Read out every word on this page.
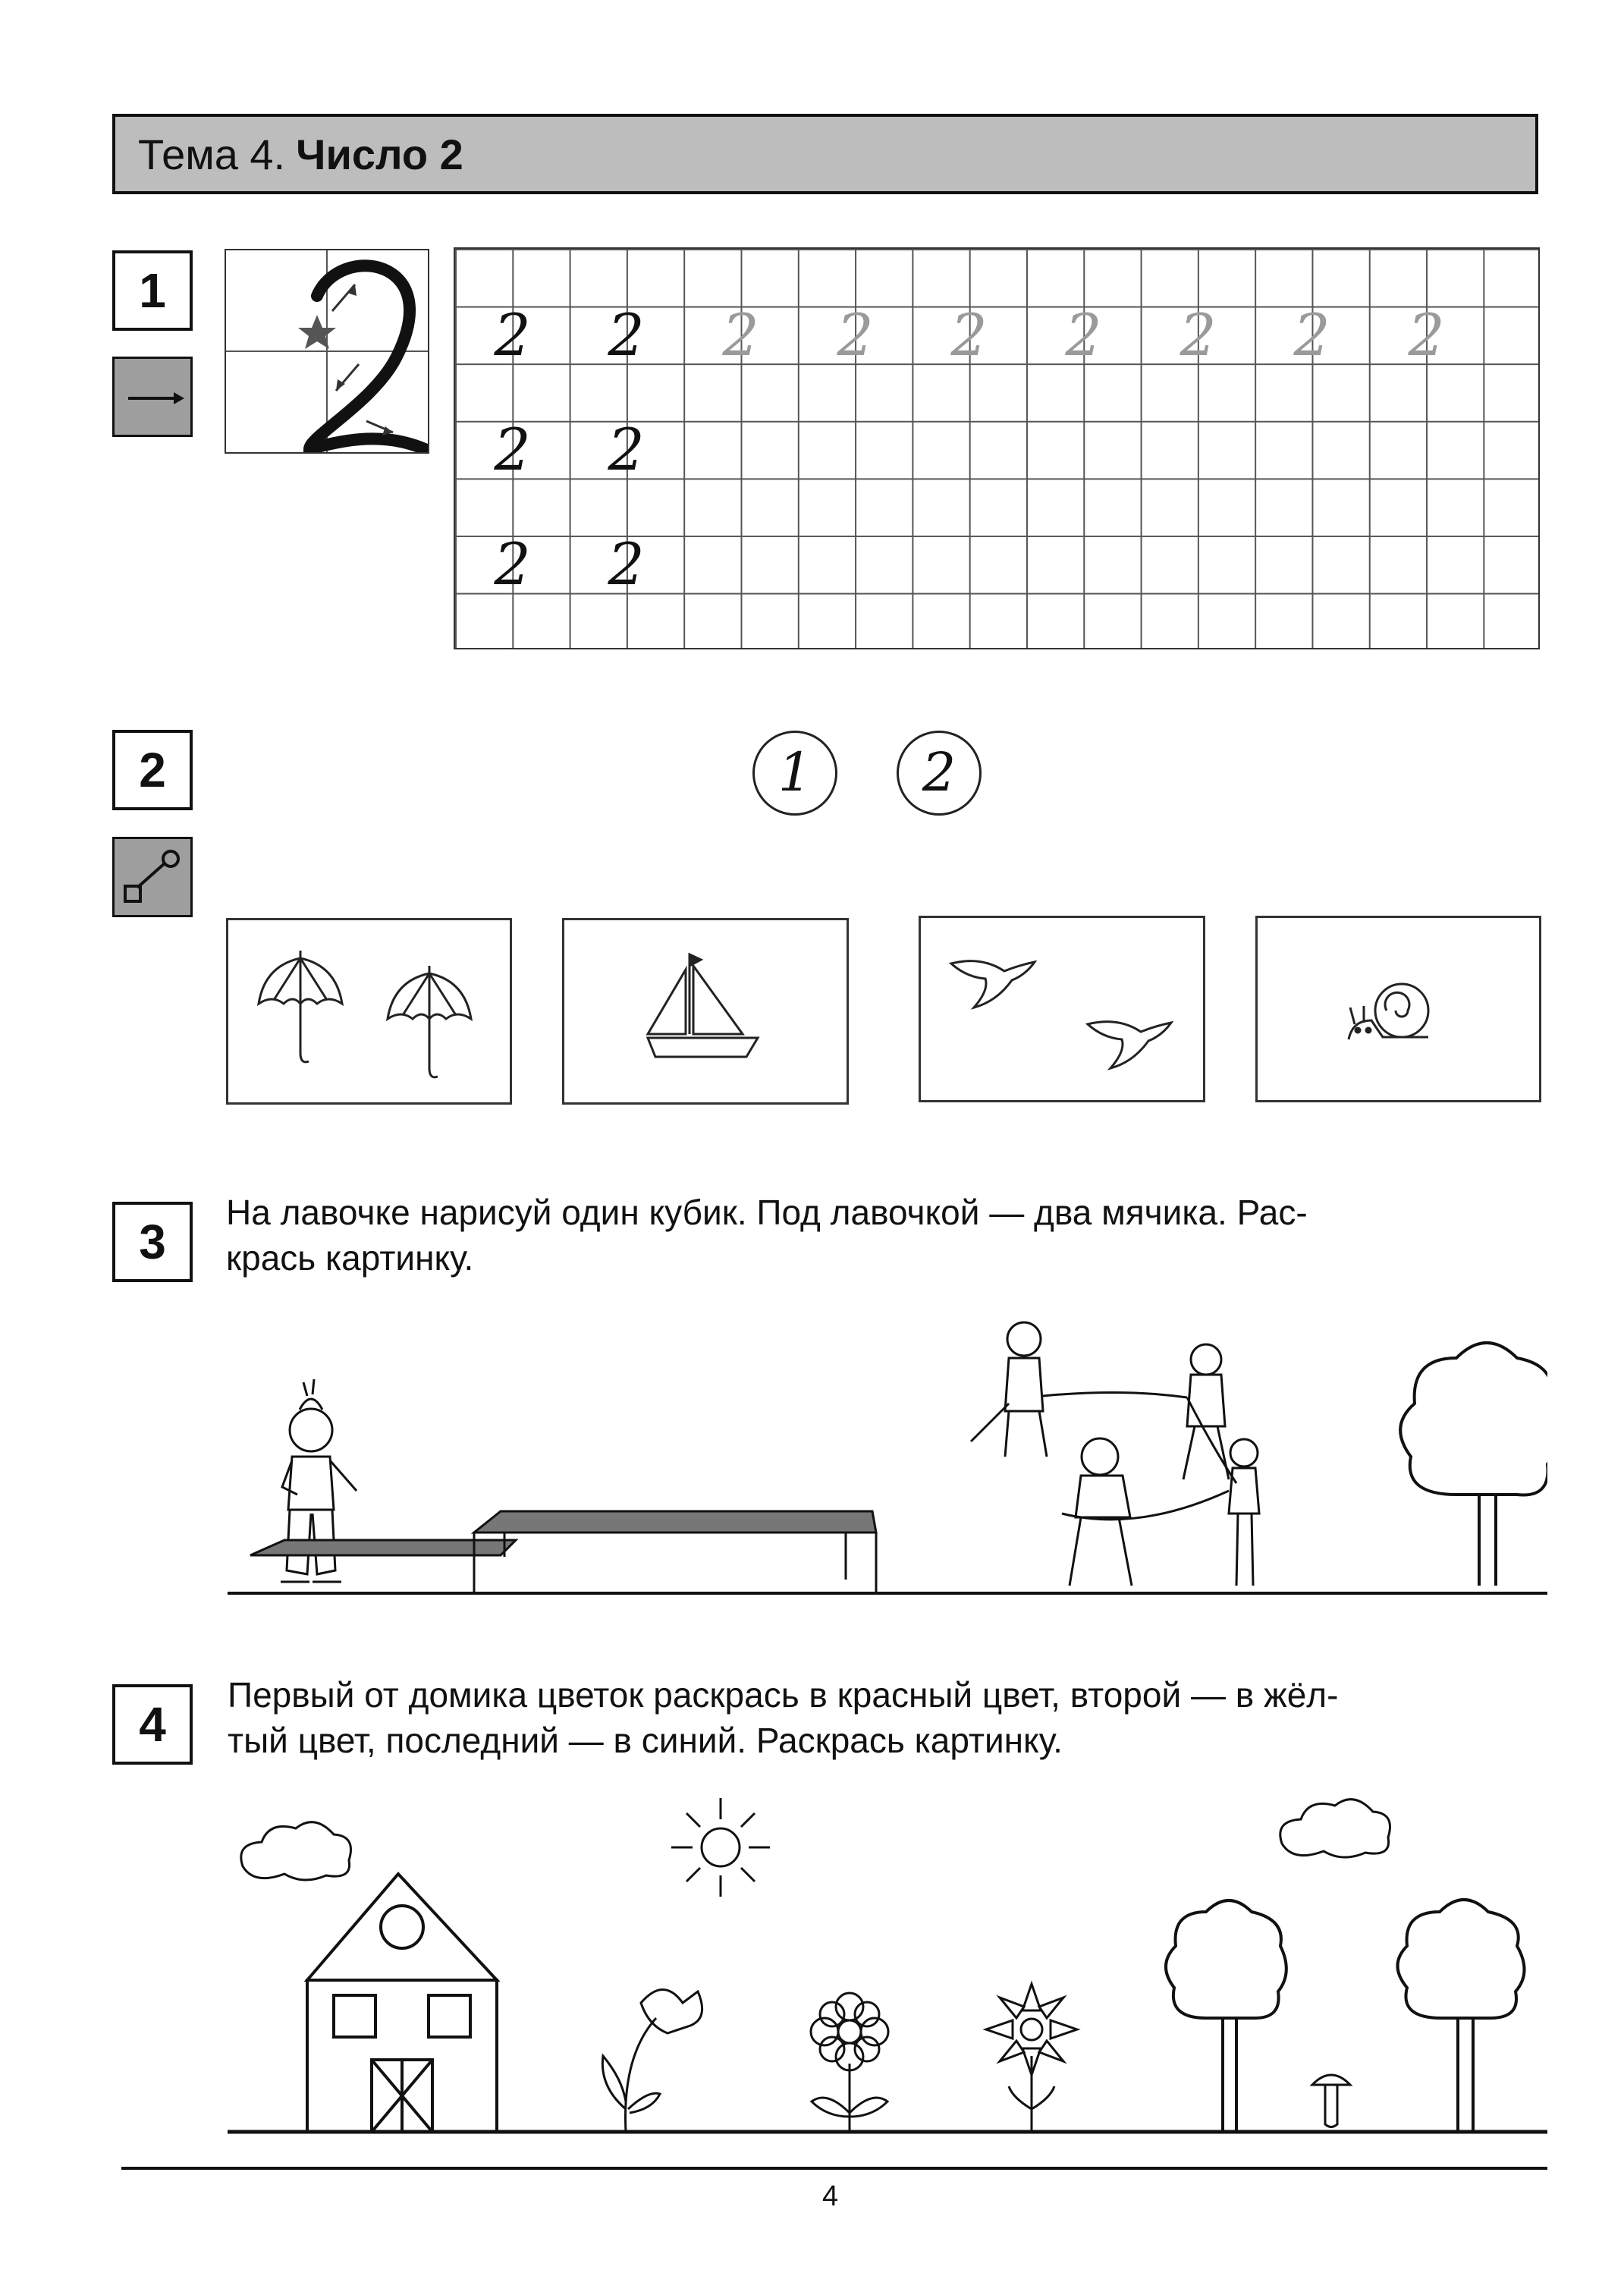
Тема 4. Число 2
1
2 2 2 2 2 2 2 2 2
2 2
2 2
2	1	2
3
На лавочке нарисуй один кубик. Под лавочкой — два мячика. Рас-
крась картинку.
4
Первый от домика цветок раскрась в красный цвет, второй — в жёл-
тый цвет, последний — в синий. Раскрась картинку.
4
